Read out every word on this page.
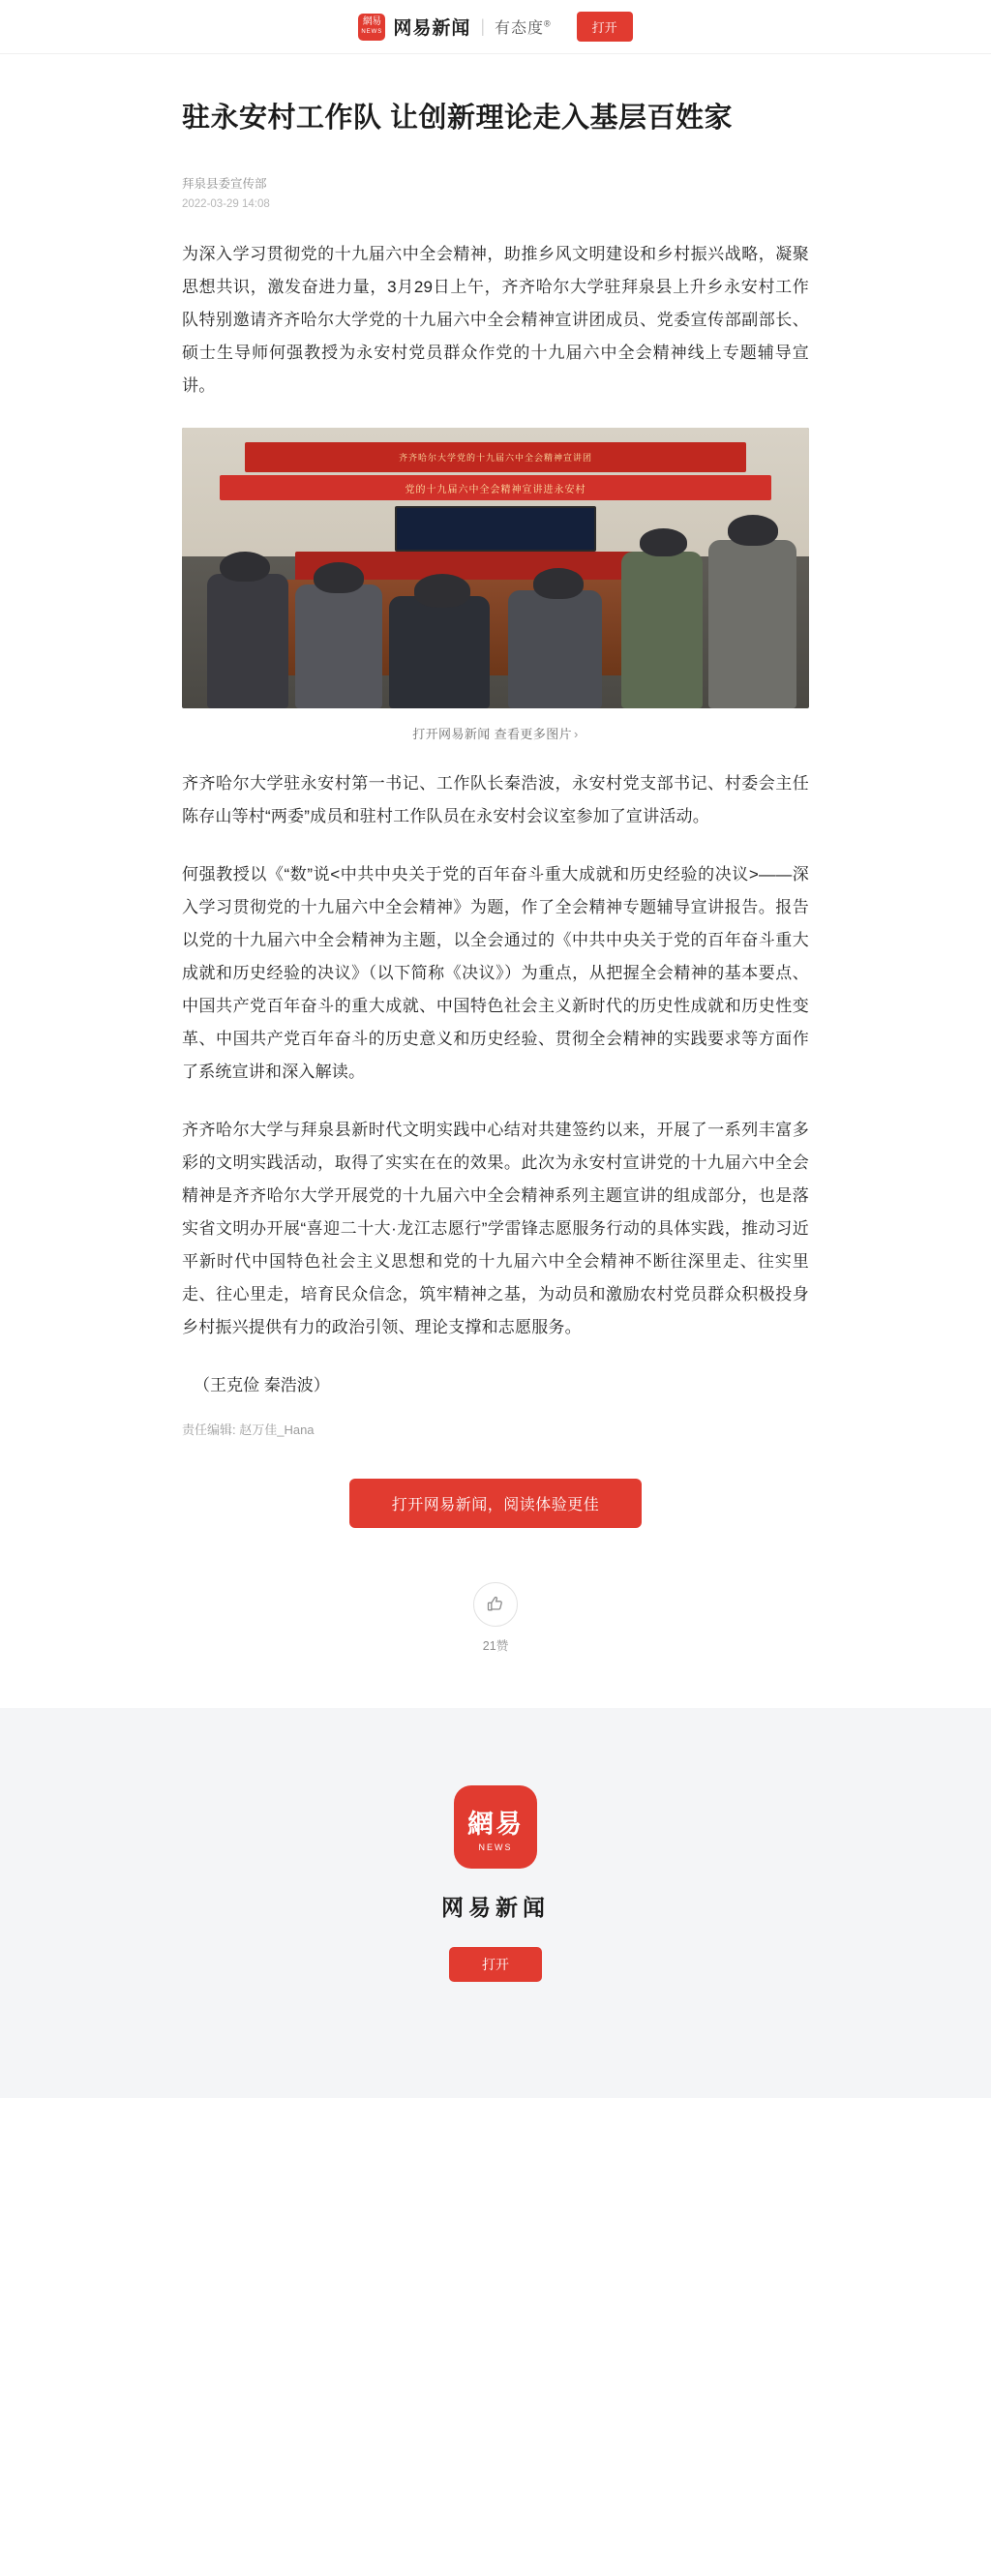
網易
NEWS 网易新闻 | 有态度®	打开
驻永安村工作队 让创新理论走入基层百姓家
拜泉县委宣传部
2022-03-29 14:08

为深入学习贯彻党的十九届六中全会精神，助推乡风文明建设和乡村振兴战略，凝聚思想共识，激发奋进力量，3月29日上午，齐齐哈尔大学驻拜泉县上升乡永安村工作队特别邀请齐齐哈尔大学党的十九届六中全会精神宣讲团成员、党委宣传部副部长、硕士生导师何强教授为永安村党员群众作党的十九届六中全会精神线上专题辅导宣讲。

齐齐哈尔大学党的十九届六中全会精神宣讲团
党的十九届六中全会精神宣讲进永安村
打开网易新闻 查看更多图片 ›

齐齐哈尔大学驻永安村第一书记、工作队长秦浩波，永安村党支部书记、村委会主任陈存山等村“两委”成员和驻村工作队员在永安村会议室参加了宣讲活动。

何强教授以《“数”说<中共中央关于党的百年奋斗重大成就和历史经验的决议>——深入学习贯彻党的十九届六中全会精神》为题，作了全会精神专题辅导宣讲报告。报告以党的十九届六中全会精神为主题，以全会通过的《中共中央关于党的百年奋斗重大成就和历史经验的决议》（以下简称《决议》）为重点，从把握全会精神的基本要点、中国共产党百年奋斗的重大成就、中国特色社会主义新时代的历史性成就和历史性变革、中国共产党百年奋斗的历史意义和历史经验、贯彻全会精神的实践要求等方面作了系统宣讲和深入解读。

齐齐哈尔大学与拜泉县新时代文明实践中心结对共建签约以来，开展了一系列丰富多彩的文明实践活动，取得了实实在在的效果。此次为永安村宣讲党的十九届六中全会精神是齐齐哈尔大学开展党的十九届六中全会精神系列主题宣讲的组成部分，也是落实省文明办开展“喜迎二十大·龙江志愿行”学雷锋志愿服务行动的具体实践，推动习近平新时代中国特色社会主义思想和党的十九届六中全会精神不断往深里走、往实里走、往心里走，培育民众信念，筑牢精神之基，为动员和激励农村党员群众积极投身乡村振兴提供有力的政治引领、理论支撑和志愿服务。

（王克俭 秦浩波）
责任编辑: 赵万佳_Hana
打开网易新闻，阅读体验更佳
21赞
網易
NEWS
网易新闻
打开
